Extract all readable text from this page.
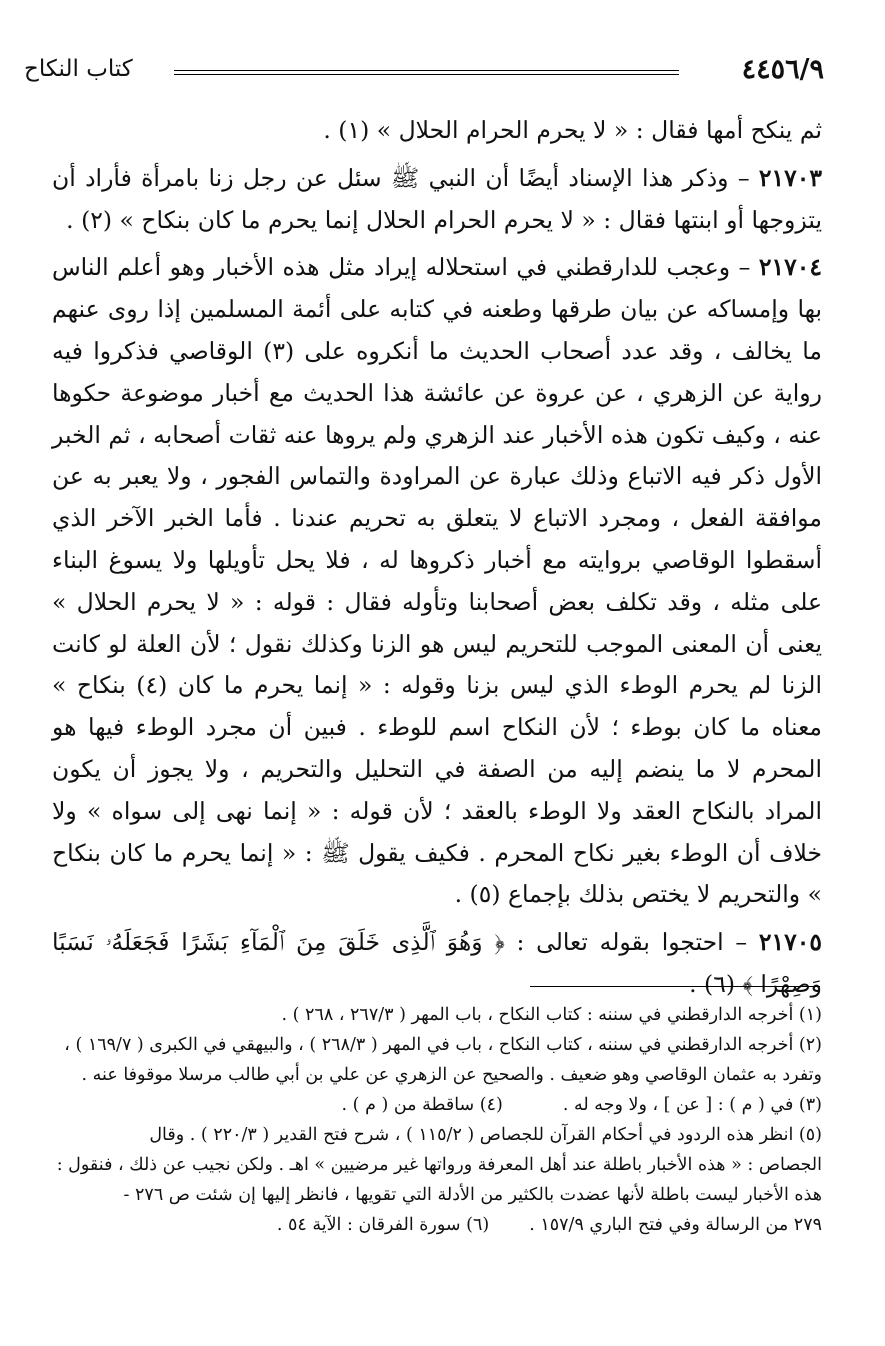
٤٤٥٦/٩
كتاب النكاح

ثم ينكح أمها فقال : « لا يحرم الحرام الحلال » (١) .

٢١٧٠٣ – وذكر هذا الإسناد أيضًا أن النبي ﷺ سئل عن رجل زنا بامرأة فأراد أن يتزوجها أو ابنتها فقال : « لا يحرم الحرام الحلال إنما يحرم ما كان بنكاح » (٢) .

٢١٧٠٤ – وعجب للدارقطني في استحلاله إيراد مثل هذه الأخبار وهو أعلم الناس بها وإمساكه عن بيان طرقها وطعنه في كتابه على أئمة المسلمين إذا روى عنهم ما يخالف ، وقد عدد أصحاب الحديث ما أنكروه على (٣) الوقاصي فذكروا فيه رواية عن الزهري ، عن عروة عن عائشة هذا الحديث مع أخبار موضوعة حكوها عنه ، وكيف تكون هذه الأخبار عند الزهري ولم يروها عنه ثقات أصحابه ، ثم الخبر الأول ذكر فيه الاتباع وذلك عبارة عن المراودة والتماس الفجور ، ولا يعبر به عن موافقة الفعل ، ومجرد الاتباع لا يتعلق به تحريم عندنا . فأما الخبر الآخر الذي أسقطوا الوقاصي بروايته مع أخبار ذكروها له ، فلا يحل تأويلها ولا يسوغ البناء على مثله ، وقد تكلف بعض أصحابنا وتأوله فقال : قوله : « لا يحرم الحلال » يعنى أن المعنى الموجب للتحريم ليس هو الزنا وكذلك نقول ؛ لأن العلة لو كانت الزنا لم يحرم الوطء الذي ليس بزنا وقوله : « إنما يحرم ما كان (٤) بنكاح » معناه ما كان بوطء ؛ لأن النكاح اسم للوطء . فبين أن مجرد الوطء فيها هو المحرم لا ما ينضم إليه من الصفة في التحليل والتحريم ، ولا يجوز أن يكون المراد بالنكاح العقد ولا الوطء بالعقد ؛ لأن قوله : « إنما نهى إلى سواه » ولا خلاف أن الوطء بغير نكاح المحرم . فكيف يقول ﷺ : « إنما يحرم ما كان بنكاح » والتحريم لا يختص بذلك بإجماع (٥) .

٢١٧٠٥ – احتجوا بقوله تعالى : ﴿ وَهُوَ ٱلَّذِى خَلَقَ مِنَ ٱلْمَآءِ بَشَرًا فَجَعَلَهُۥ نَسَبًا وَصِهْرًا ﴾ (٦) .

(١) أخرجه الدارقطني في سننه : كتاب النكاح ، باب المهر ( ٢٦٧/٣ ، ٢٦٨ ) .

(٢) أخرجه الدارقطني في سننه ، كتاب النكاح ، باب في المهر ( ٢٦٨/٣ ) ، والبيهقي في الكبرى ( ١٦٩/٧ ) ،

وتفرد به عثمان الوقاصي وهو ضعيف . والصحيح عن الزهري عن علي بن أبي طالب مرسلا موقوفا عنه .

(٣) في ( م ) : [ عن ] ، ولا وجه له .(٤) ساقطة من ( م ) .

(٥) انظر هذه الردود في أحكام القرآن للجصاص ( ١١٥/٢ ) ، شرح فتح القدير ( ٢٢٠/٣ ) . وقال

الجصاص : « هذه الأخبار باطلة عند أهل المعرفة ورواتها غير مرضيين » اهـ . ولكن نجيب عن ذلك ، فنقول :

هذه الأخبار ليست باطلة لأنها عضدت بالكثير من الأدلة التي تقويها ، فانظر إليها إن شئت ص ٢٧٦ -

٢٧٩ من الرسالة وفي فتح الباري ١٥٧/٩ .(٦) سورة الفرقان : الآية ٥٤ .
